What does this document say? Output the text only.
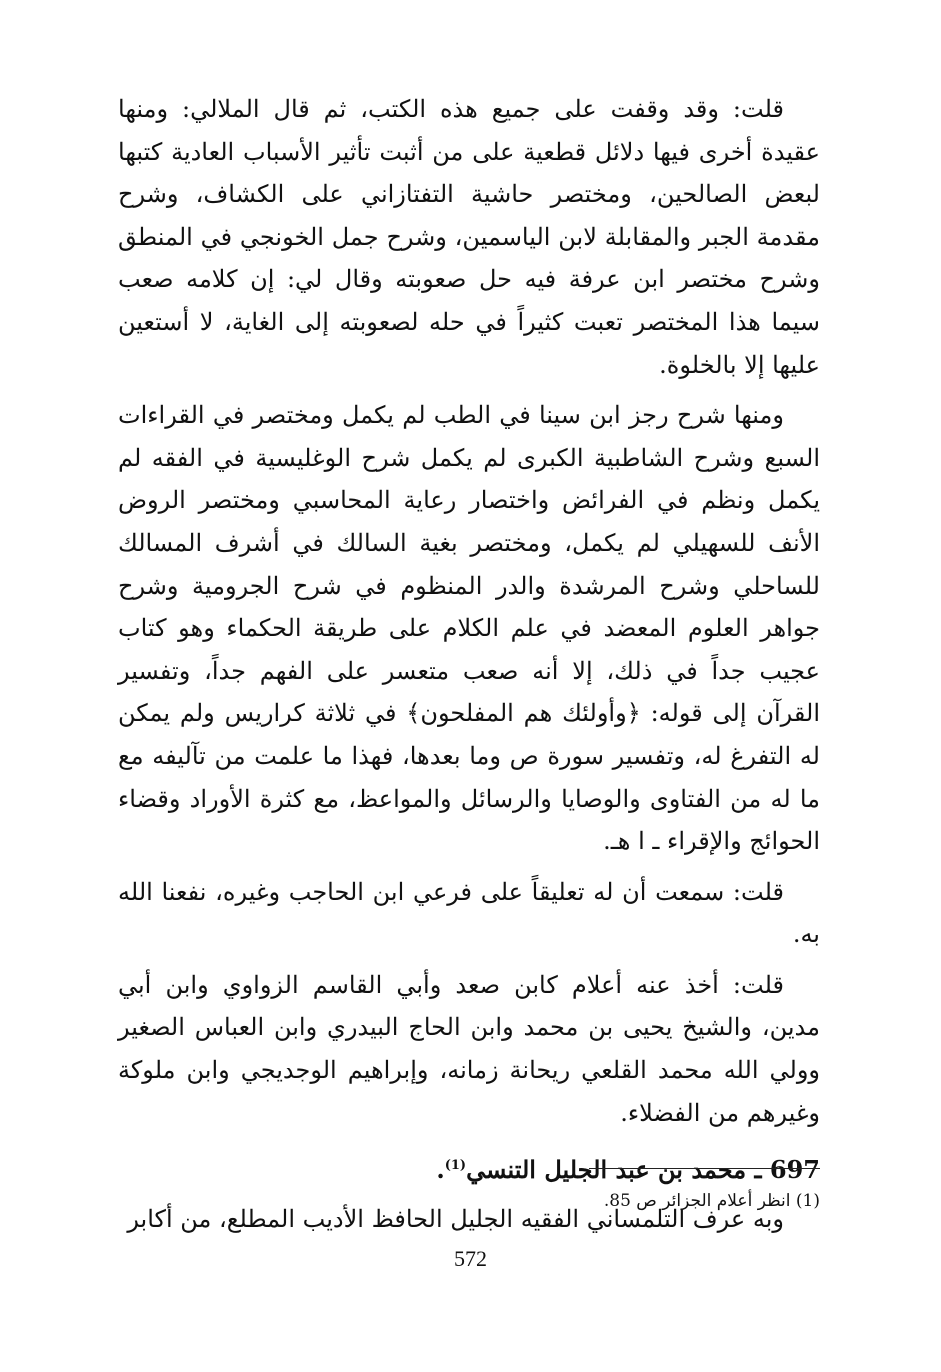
قلت: وقد وقفت على جميع هذه الكتب، ثم قال الملالي: ومنها عقيدة أخرى فيها دلائل قطعية على من أثبت تأثير الأسباب العادية كتبها لبعض الصالحين، ومختصر حاشية التفتازاني على الكشاف، وشرح مقدمة الجبر والمقابلة لابن الياسمين، وشرح جمل الخونجي في المنطق وشرح مختصر ابن عرفة فيه حل صعوبته وقال لي: إن كلامه صعب سيما هذا المختصر تعبت كثيراً في حله لصعوبته إلى الغاية، لا أستعين عليها إلا بالخلوة.

ومنها شرح رجز ابن سينا في الطب لم يكمل ومختصر في القراءات السبع وشرح الشاطبية الكبرى لم يكمل شرح الوغليسية في الفقه لم يكمل ونظم في الفرائض واختصار رعاية المحاسبي ومختصر الروض الأنف للسهيلي لم يكمل، ومختصر بغية السالك في أشرف المسالك للساحلي وشرح المرشدة والدر المنظوم في شرح الجرومية وشرح جواهر العلوم المعضد في علم الكلام على طريقة الحكماء وهو كتاب عجيب جداً في ذلك، إلا أنه صعب متعسر على الفهم جداً، وتفسير القرآن إلى قوله: ﴿وأولئك هم المفلحون﴾ في ثلاثة كراريس ولم يمكن له التفرغ له، وتفسير سورة ص وما بعدها، فهذا ما علمت من تآليفه مع ما له من الفتاوى والوصايا والرسائل والمواعظ، مع كثرة الأوراد وقضاء الحوائج والإقراء ـ ا هـ.

قلت: سمعت أن له تعليقاً على فرعي ابن الحاجب وغيره، نفعنا الله به.

قلت: أخذ عنه أعلام كابن صعد وأبي القاسم الزواوي وابن أبي مدين، والشيخ يحيى بن محمد وابن الحاج البيدري وابن العباس الصغير وولي الله محمد القلعي ريحانة زمانه، وإبراهيم الوجديجي وابن ملوكة وغيرهم من الفضلاء.

697 ـ محمد بن عبد الجليل التنسي$^{(1)}$.

وبه عرف التلمساني الفقيه الجليل الحافظ الأديب المطلع، من أكابر

(1) انظر أعلام الجزائر ص 85.
572
